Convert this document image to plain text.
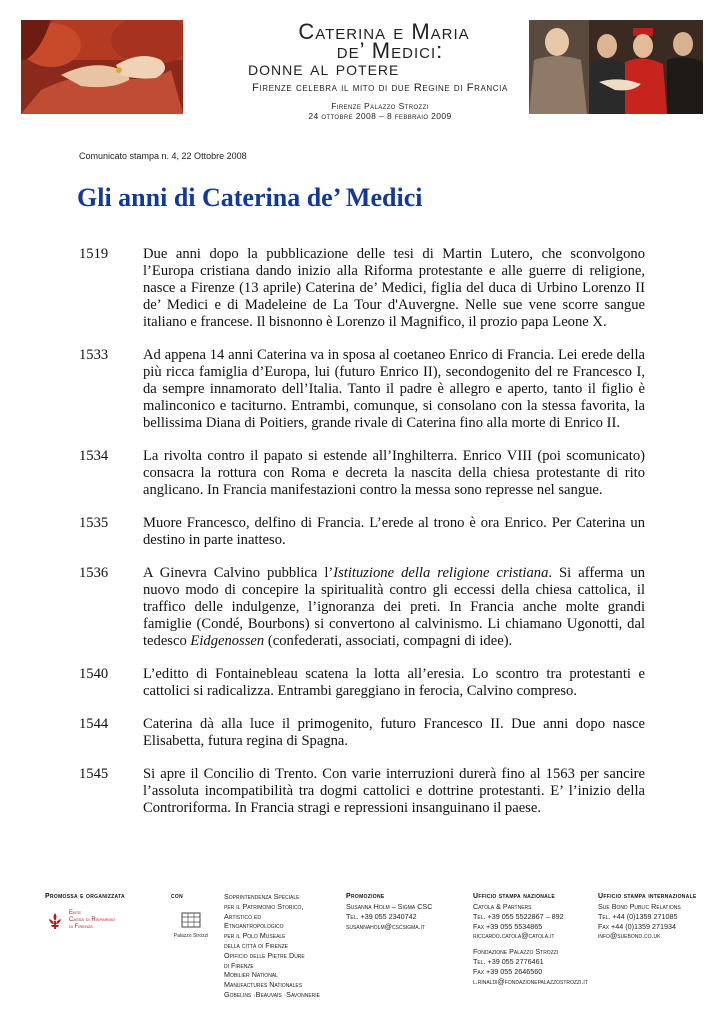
Caterina e Maria
de’ Medici:
donne al potere
Firenze celebra il mito di due Regine di Francia
Firenze Palazzo Strozzi
24 ottobre 2008 – 8 febbraio 2009
Comunicato stampa n. 4, 22 Ottobre 2008
Gli anni di Caterina de’ Medici
1519	Due anni dopo la pubblicazione delle tesi di Martin Lutero, che sconvolgono l’Europa cristiana dando inizio alla Riforma protestante e alle guerre di religione, nasce a Firenze (13 aprile) Caterina de’ Medici, figlia del duca di Urbino Lorenzo II de’ Medici e di Madeleine de La Tour d'Auvergne. Nelle sue vene scorre sangue italiano e francese. Il bisnonno è Lorenzo il Magnifico, il prozio papa Leone X.
1533	Ad appena 14 anni Caterina va in sposa al coetaneo Enrico di Francia. Lei erede della più ricca famiglia d’Europa, lui (futuro Enrico II), secondogenito del re Francesco I, da sempre innamorato dell’Italia. Tanto il padre è allegro e aperto, tanto il figlio è malinconico e taciturno. Entrambi, comunque, si consolano con la stessa favorita, la bellissima Diana di Poitiers, grande rivale di Caterina fino alla morte di Enrico II.
1534	La rivolta contro il papato si estende all’Inghilterra. Enrico VIII (poi scomunicato) consacra la rottura con Roma e decreta la nascita della chiesa protestante di rito anglicano. In Francia manifestazioni contro la messa sono represse nel sangue.
1535	Muore Francesco, delfino di Francia. L’erede al trono è ora Enrico. Per Caterina un destino in parte inatteso.
1536	A Ginevra Calvino pubblica l’Istituzione della religione cristiana. Si afferma un nuovo modo di concepire la spiritualità contro gli eccessi della chiesa cattolica, il traffico delle indulgenze, l’ignoranza dei preti. In Francia anche molte grandi famiglie (Condé, Bourbons) si convertono al calvinismo. Li chiamano Ugonotti, dal tedesco Eidgenossen (confederati, associati, compagni di idee).
1540	L’editto di Fontainebleau scatena la lotta all’eresia. Lo scontro tra protestanti e cattolici si radicalizza. Entrambi gareggiano in ferocia, Calvino compreso.
1544	Caterina dà alla luce il primogenito, futuro Francesco II. Due anni dopo nasce Elisabetta, futura regina di Spagna.
1545	Si apre il Concilio di Trento. Con varie interruzioni durerà fino al 1563 per sancire l’assoluta incompatibilità tra dogmi cattolici e dottrine protestanti. E’ l’inizio della Controriforma. In Francia stragi e repressioni insanguinano il paese.
Promossa e organizzata
Ente
Cassa di Risparmio
di Firenze
con
Palazzo Strozzi
Soprintendenza Speciale
per il Patrimonio Storico,
Artistico ed
Etnoantropologico
per il Polo Museale
della città di Firenze
Opificio delle Pietre Dure
di Firenze
Mobilier National
Manufactures Nationales
Gobelins ·Beauvais ·Savonnerie
Promozione
Susanna Holm – Sigma CSC
Tel. +39 055 2340742
susannaholm@cscsigma.it
Ufficio stampa nazionale
Catola & Partners
Tel. +39 055 5522867 – 892
Fax +39 055 5534865
riccardo.catola@catola.it
Fondazione Palazzo Strozzi
Tel. +39 055 2776461
Fax +39 055 2646560
l.rinaldi@fondazionepalazzostrozzi.it
Ufficio stampa internazionale
Sue Bond Public Relations
Tel. +44 (0)1359 271085
Fax +44 (0)1359 271934
info@suebond.co.uk
